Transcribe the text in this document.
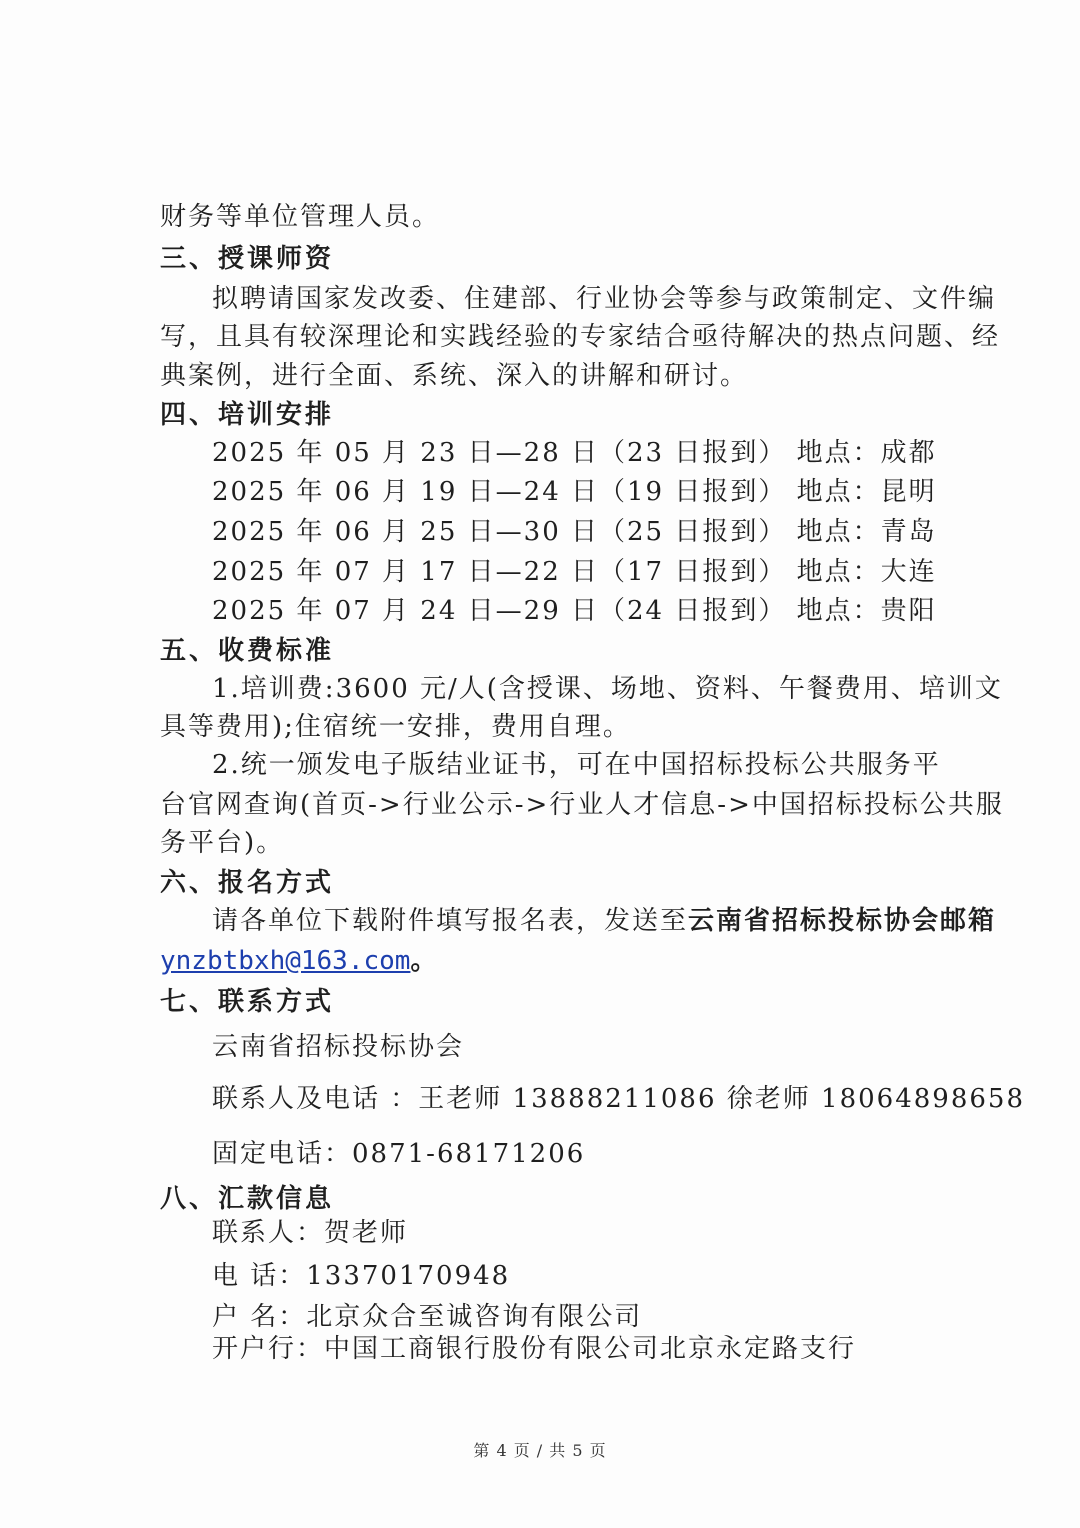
财务等单位管理人员。
三、授课师资
拟聘请国家发改委、住建部、行业协会等参与政策制定、文件编
写，且具有较深理论和实践经验的专家结合亟待解决的热点问题、经
典案例，进行全面、系统、深入的讲解和研讨。
四、培训安排
2025 年 05 月 23 日—28 日（23 日报到） 地点：成都
2025 年 06 月 19 日—24 日（19 日报到） 地点：昆明
2025 年 06 月 25 日—30 日（25 日报到） 地点：青岛
2025 年 07 月 17 日—22 日（17 日报到） 地点：大连
2025 年 07 月 24 日—29 日（24 日报到） 地点：贵阳
五、收费标准
1.培训费:3600 元/人(含授课、场地、资料、午餐费用、培训文
具等费用);住宿统一安排，费用自理。
2.统一颁发电子版结业证书，可在中国招标投标公共服务平
台官网查询(首页->行业公示->行业人才信息->中国招标投标公共服
务平台)。
六、报名方式
请各单位下载附件填写报名表，发送至云南省招标投标协会邮箱
ynzbtbxh@163.com。
七、联系方式
云南省招标投标协会
联系人及电话 ：王老师 13888211086 徐老师 18064898658
固定电话：0871-68171206
八、汇款信息
联系人：贺老师
电 话：13370170948
户 名：北京众合至诚咨询有限公司
开户行：中国工商银行股份有限公司北京永定路支行
第 4 页 / 共 5 页
